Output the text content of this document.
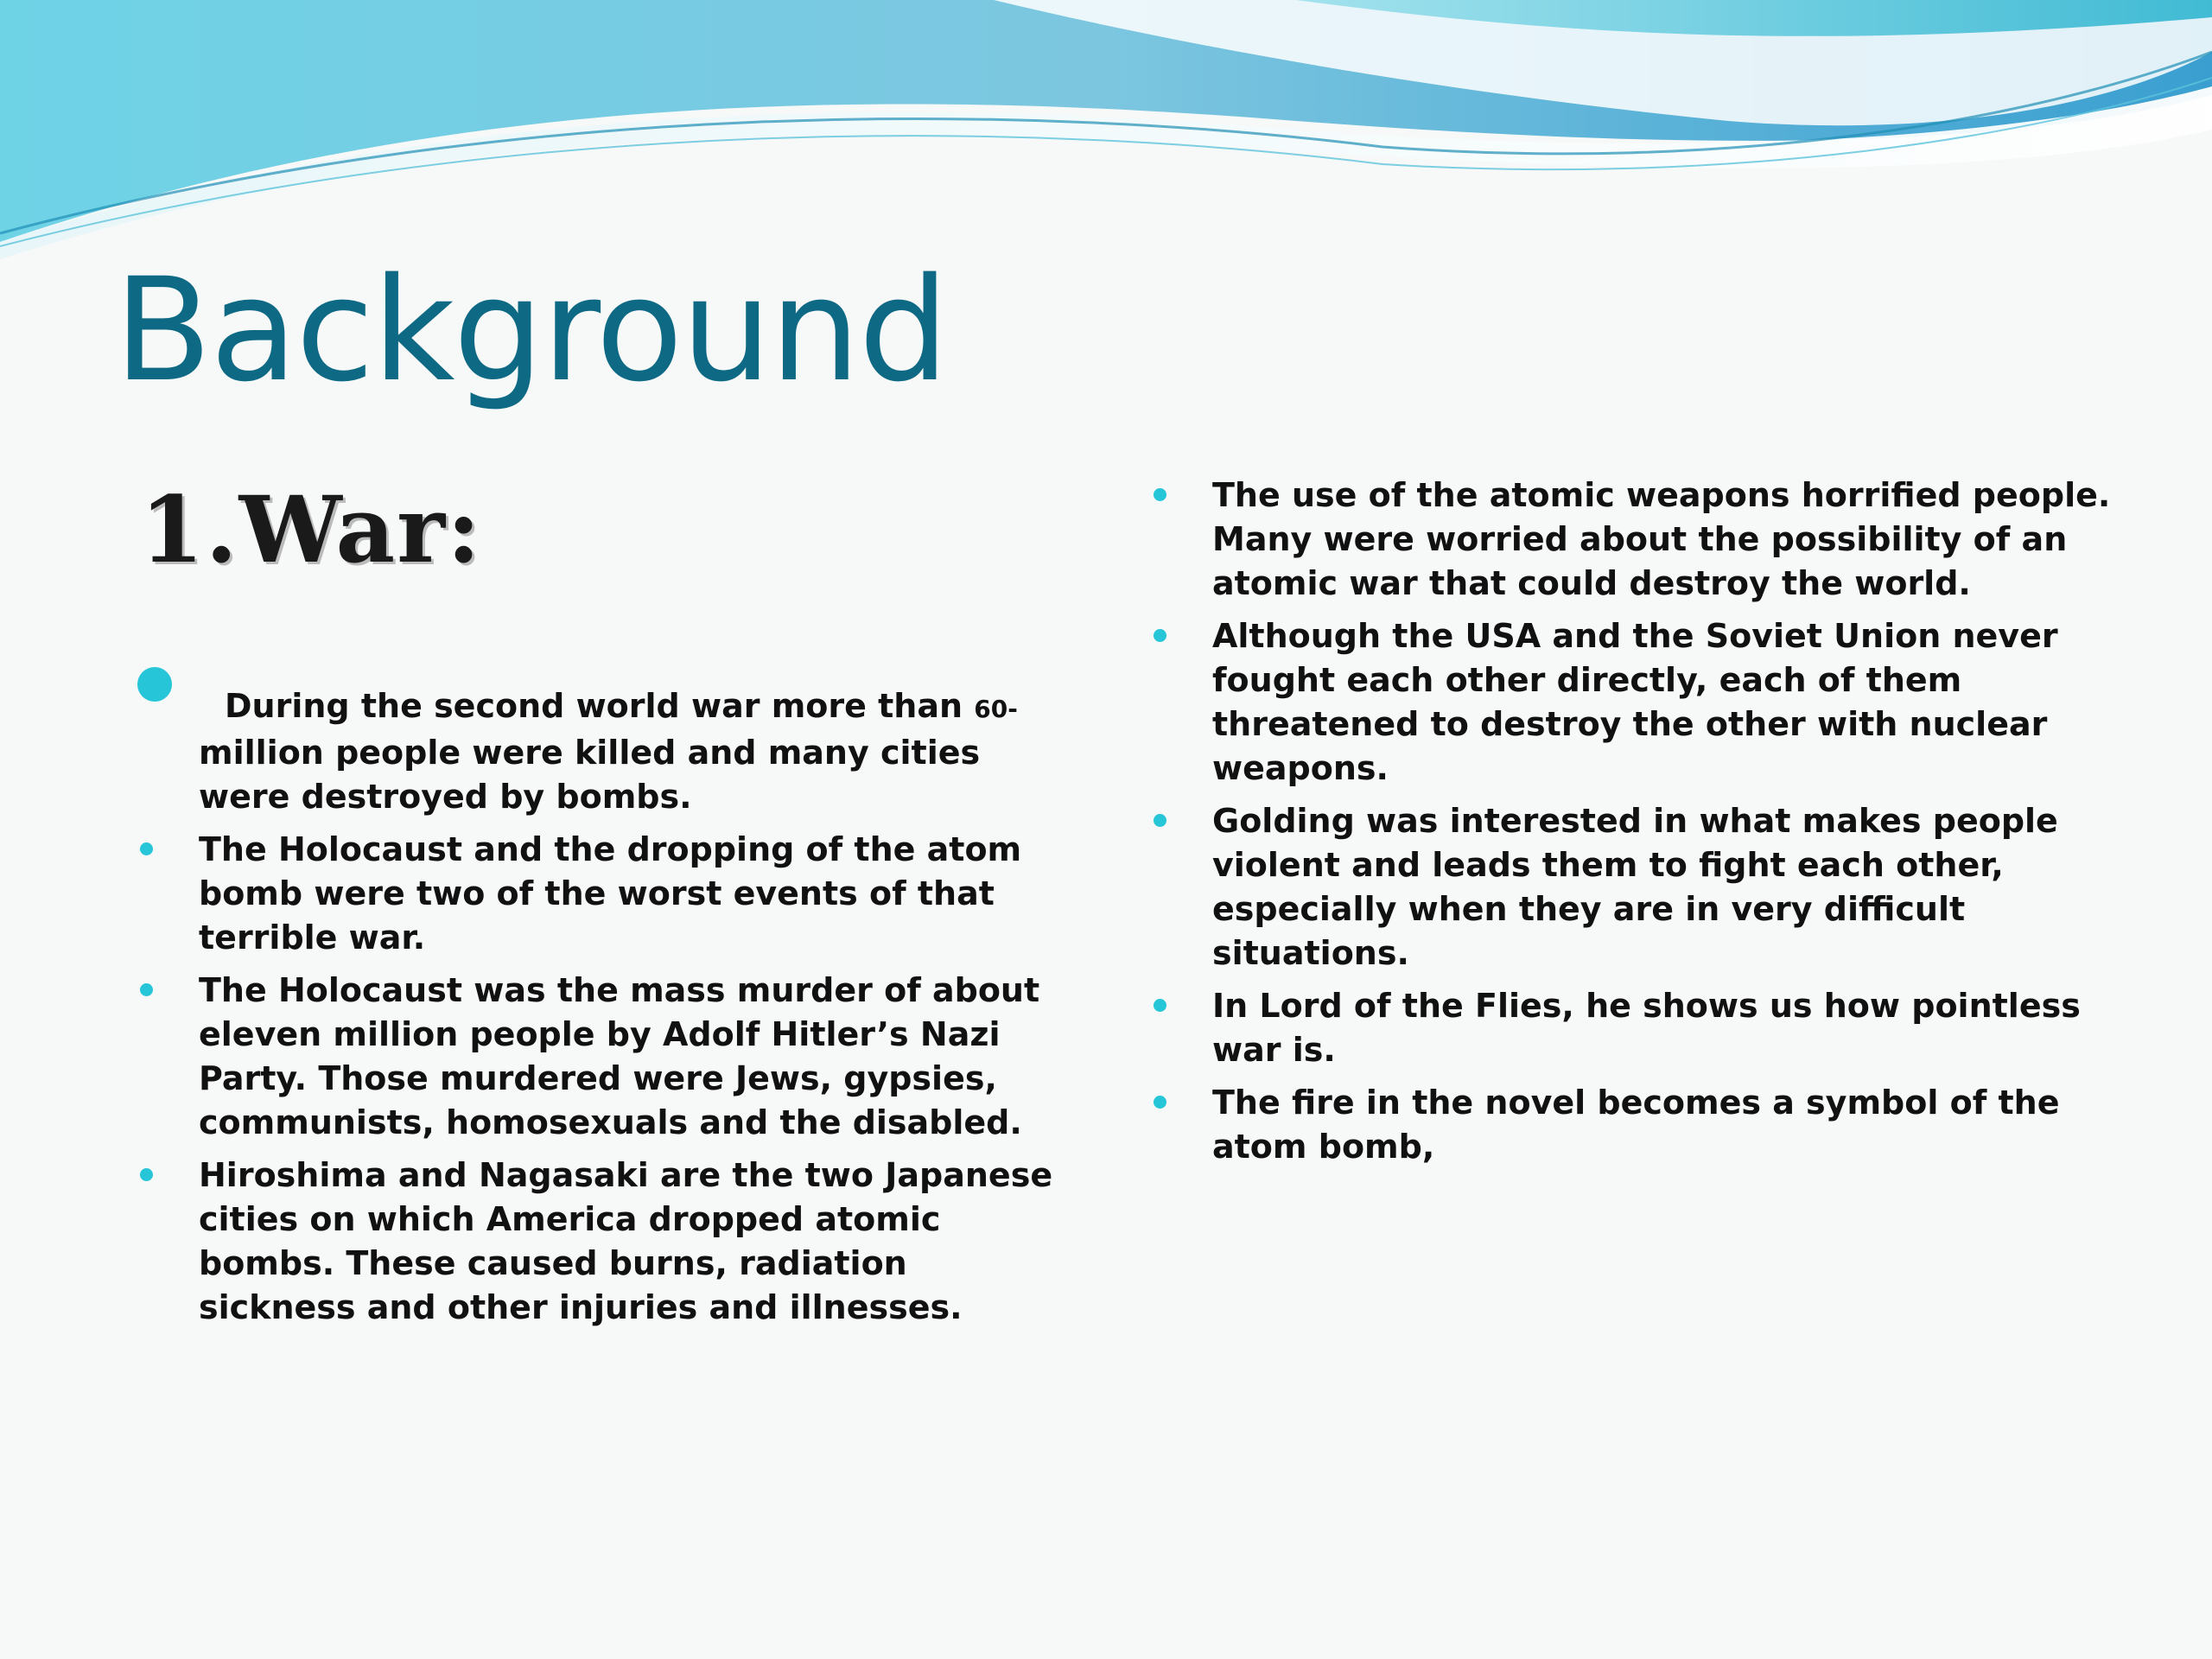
Background
1.War:
During the second world war more than 60- million people were killed and many cities were destroyed by bombs.
The Holocaust and the dropping of the atom bomb were two of the worst events of that terrible war.
The Holocaust was the mass murder of about eleven million people by Adolf Hitler’s Nazi Party. Those murdered were Jews, gypsies, communists, homosexuals and the disabled.
Hiroshima and Nagasaki are the two Japanese cities on which America dropped atomic bombs. These caused burns, radiation sickness and other injuries and illnesses.
The use of the atomic weapons horrified people. Many were worried about the possibility of an atomic war that could destroy the world.
Although the USA and the Soviet Union never fought each other directly, each of them threatened to destroy the other with nuclear weapons.
Golding was interested in what makes people violent and leads them to fight each other, especially when they are in very difficult situations.
In Lord of the Flies, he shows us how pointless war is.
The fire in the novel becomes a symbol of the atom bomb,
